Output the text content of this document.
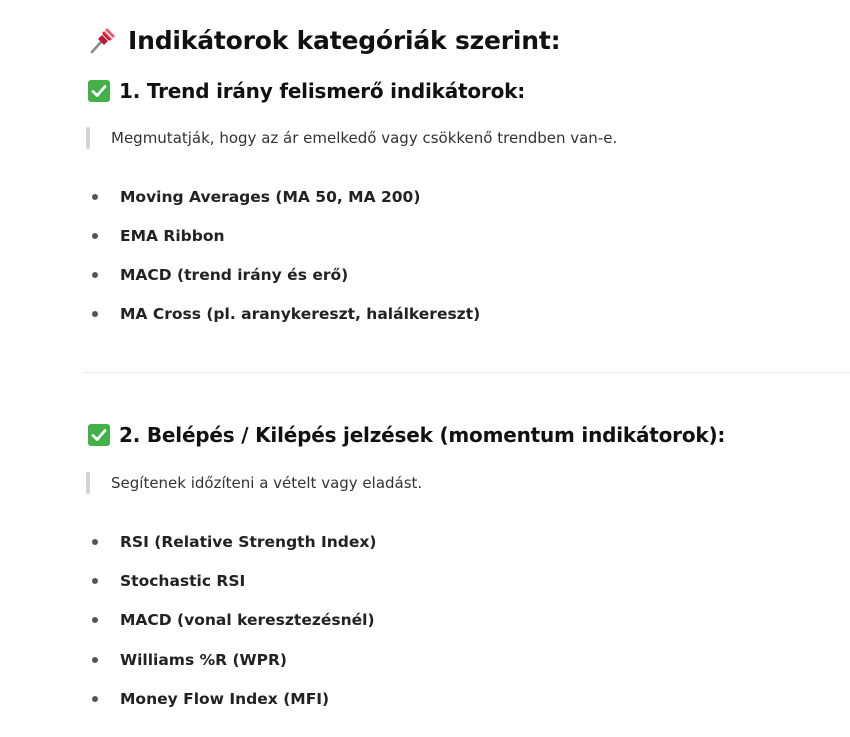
Indikátorok kategóriák szerint:
1. Trend irány felismerő indikátorok:
Megmutatják, hogy az ár emelkedő vagy csökkenő trendben van-e.
Moving Averages (MA 50, MA 200)
EMA Ribbon
MACD (trend irány és erő)
MA Cross (pl. aranykereszt, halálkereszt)
2. Belépés / Kilépés jelzések (momentum indikátorok):
Segítenek időzíteni a vételt vagy eladást.
RSI (Relative Strength Index)
Stochastic RSI
MACD (vonal keresztezésnél)
Williams %R (WPR)
Money Flow Index (MFI)
